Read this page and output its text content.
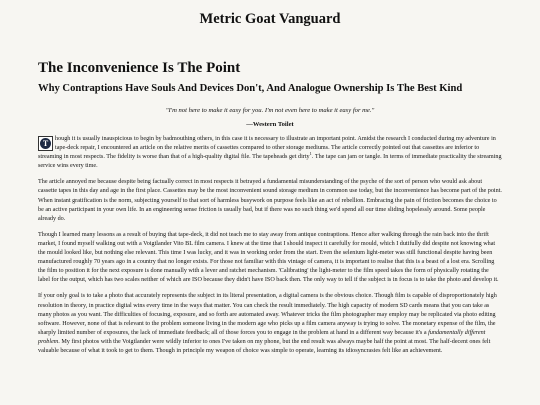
Metric Goat Vanguard
The Inconvenience Is The Point
Why Contraptions Have Souls And Devices Don't, And Analogue Ownership Is The Best Kind
"I'm not here to make it easy for you. I'm not even here to make it easy for me."
—Western Toilet

T	hough it is usually inauspicious to begin by badmouthing others, in this case it is necessary to illustrate an important point. Amidst the research I conducted during my adventure in tape-deck repair, I encountered an article on the relative merits of cassettes compared to other storage mediums. The article correctly pointed out that cassettes are inferior to streaming in most respects. The fidelity is worse than that of a high-quality digital file. The tapeheads get dirty$^1$. The tape can jam or tangle. In terms of immediate practicality the streaming service wins every time.

The article annoyed me because despite being factually correct in most respects it betrayed a fundamental misunderstanding of the psyche of the sort of person who would ask about cassette tapes in this day and age in the first place. Cassettes may be the most inconvenient sound storage medium in common use today, but the inconvenience has become part of the point. When instant gratification is the norm, subjecting yourself to that sort of harmless busywork on purpose feels like an act of rebellion. Embracing the pain of friction becomes the choice to be an active participant in your own life. In an engineering sense friction is usually bad, but if there was no such thing we'd spend all our time sliding hopelessly around. Some people already do.

Though I learned many lessons as a result of buying that tape-deck, it did not teach me to stay away from antique contraptions. Hence after walking through the rain back into the thrift market, I found myself walking out with a Voigtlander Vito BL film camera. I knew at the time that I should inspect it carefully for mould, which I dutifully did despite not knowing what the mould looked like, but nothing else relevant. This time I was lucky, and it was in working order from the start. Even the selenium light-meter was still functional despite having been manufactured roughly 70 years ago in a country that no longer exists. For those not familiar with this vintage of camera, it is important to realise that this is a beast of a lost era. Scrolling the film to position it for the next exposure is done manually with a lever and ratchet mechanism. 'Calibrating' the light-meter to the film speed takes the form of physically rotating the label for the output, which has two scales neither of which are ISO because they didn't have ISO back then. The only way to tell if the subject is in focus is to take the photo and develop it.

If your only goal is to take a photo that accurately represents the subject in its literal presentation, a digital camera is the obvious choice. Though film is capable of disproportionately high resolution in theory, in practice digital wins every time in the ways that matter. You can check the result immediately. The high capacity of modern SD cards means that you can take as many photos as you want. The difficulties of focusing, exposure, and so forth are automated away. Whatever tricks the film photographer may employ may be replicated via photo editing software. However, none of that is relevant to the problem someone living in the modern age who picks up a film camera anyway is trying to solve. The monetary expense of the film, the sharply limited number of exposures, the lack of immediate feedback; all of those forces you to engage in the problem at hand in a different way because it's a fundamentally different problem. My first photos with the Voigtlander were wildly inferior to ones I've taken on my phone, but the end result was always maybe half the point at most. The half-decent ones felt valuable because of what it took to get to them. Though in principle my weapon of choice was simple to operate, learning its idiosyncrasies felt like an achievement.
